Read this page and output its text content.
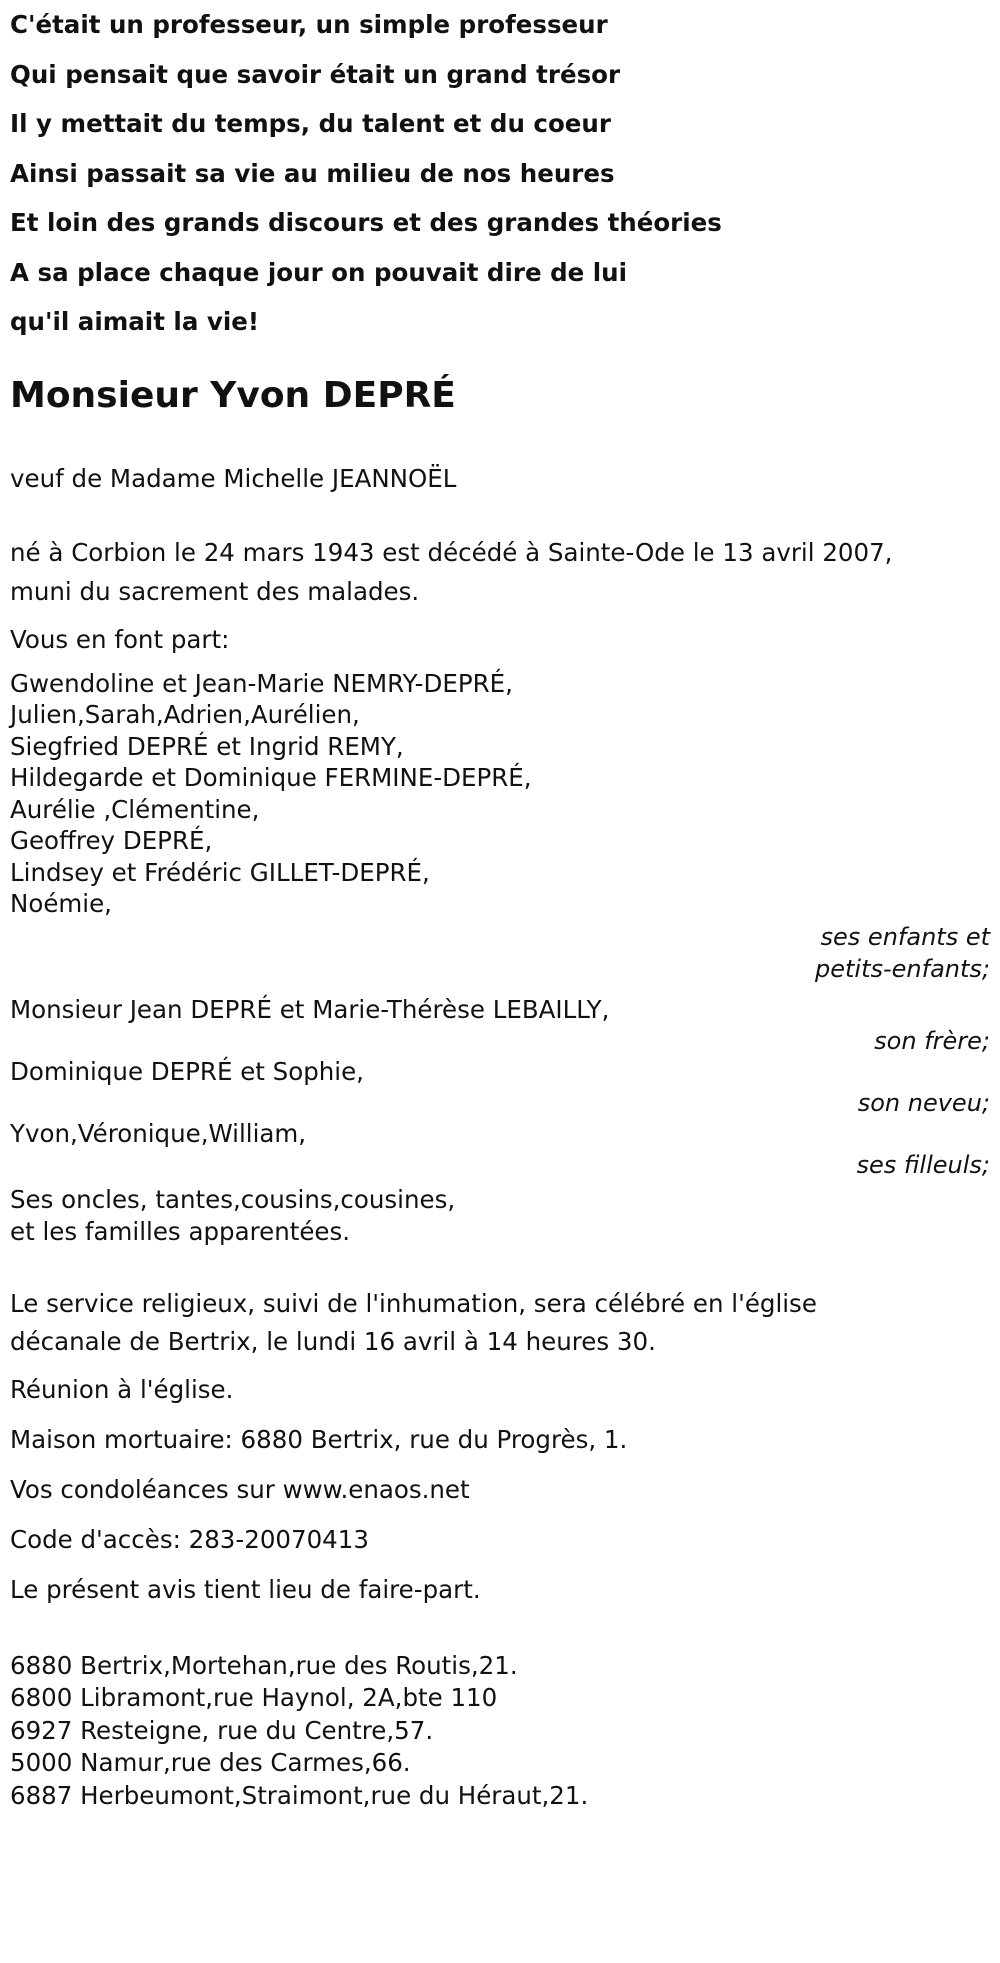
C'était un professeur, un simple professeur
Qui pensait que savoir était un grand trésor
Il y mettait du temps, du talent et du coeur
Ainsi passait sa vie au milieu de nos heures
Et loin des grands discours et des grandes théories
A sa place chaque jour on pouvait dire de lui
qu'il aimait la vie!
Monsieur Yvon DEPRÉ
veuf de Madame Michelle JEANNOËL
né à Corbion le 24 mars 1943 est décédé à Sainte-Ode le 13 avril 2007,
muni du sacrement des malades.
Vous en font part:
Gwendoline et Jean-Marie NEMRY-DEPRÉ,
Julien,Sarah,Adrien,Aurélien,
Siegfried DEPRÉ et Ingrid REMY,
Hildegarde et Dominique FERMINE-DEPRÉ,
Aurélie ,Clémentine,
Geoffrey DEPRÉ,
Lindsey et Frédéric GILLET-DEPRÉ,
Noémie,
ses enfants et
petits-enfants;
Monsieur Jean DEPRÉ et Marie-Thérèse LEBAILLY,
son frère;
Dominique DEPRÉ et Sophie,
son neveu;
Yvon,Véronique,William,
ses filleuls;
Ses oncles, tantes,cousins,cousines,
et les familles apparentées.
Le service religieux, suivi de l'inhumation, sera célébré en l'église
décanale de Bertrix, le lundi 16 avril à 14 heures 30.
Réunion à l'église.
Maison mortuaire: 6880 Bertrix, rue du Progrès, 1.
Vos condoléances sur www.enaos.net
Code d'accès: 283-20070413
Le présent avis tient lieu de faire-part.
6880 Bertrix,Mortehan,rue des Routis,21.
6800 Libramont,rue Haynol, 2A,bte 110
6927 Resteigne, rue du Centre,57.
5000 Namur,rue des Carmes,66.
6887 Herbeumont,Straimont,rue du Héraut,21.
